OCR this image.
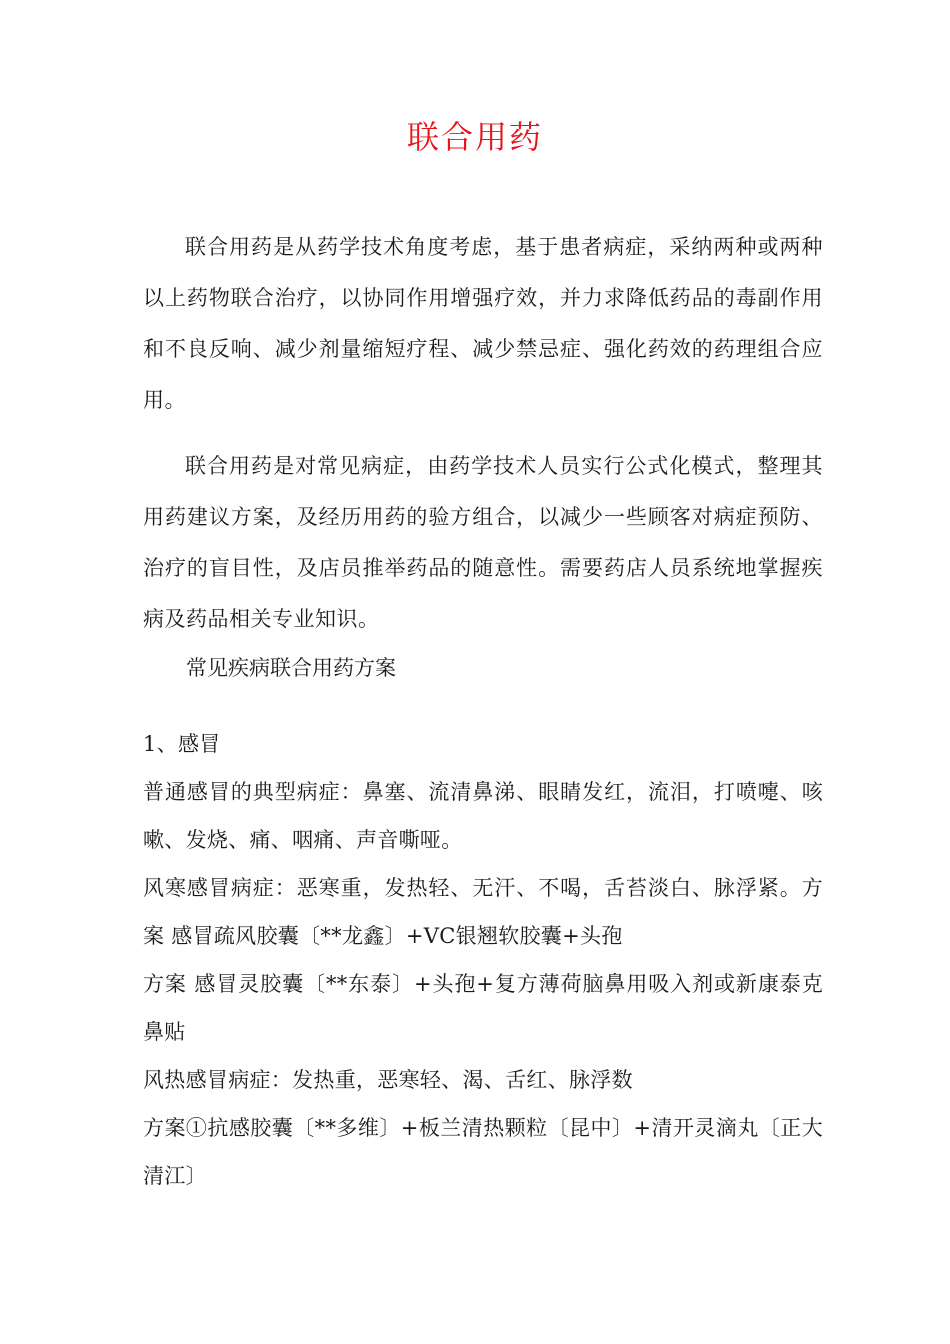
联合用药

联合用药是从药学技术角度考虑，基于患者病症，采纳两种或两种以上药物联合治疗，以协同作用增强疗效，并力求降低药品的毒副作用和不良反响、减少剂量缩短疗程、减少禁忌症、强化药效的药理组合应用。

联合用药是对常见病症，由药学技术人员实行公式化模式，整理其用药建议方案，及经历用药的验方组合，以减少一些顾客对病症预防、治疗的盲目性，及店员推举药品的随意性。需要药店人员系统地掌握疾病及药品相关专业知识。

常见疾病联合用药方案

1、感冒

普通感冒的典型病症：鼻塞、流清鼻涕、眼睛发红，流泪，打喷嚏、咳嗽、发烧、痛、咽痛、声音嘶哑。

风寒感冒病症：恶寒重，发热轻、无汗、不喝，舌苔淡白、脉浮紧。方案 感冒疏风胶囊〔**龙鑫〕+VC银翘软胶囊+头孢

方案 感冒灵胶囊〔**东泰〕+头孢+复方薄荷脑鼻用吸入剂或新康泰克鼻贴

风热感冒病症：发热重，恶寒轻、渴、舌红、脉浮数

方案①抗感胶囊〔**多维〕+板兰清热颗粒〔昆中〕+清开灵滴丸〔正大清江〕
